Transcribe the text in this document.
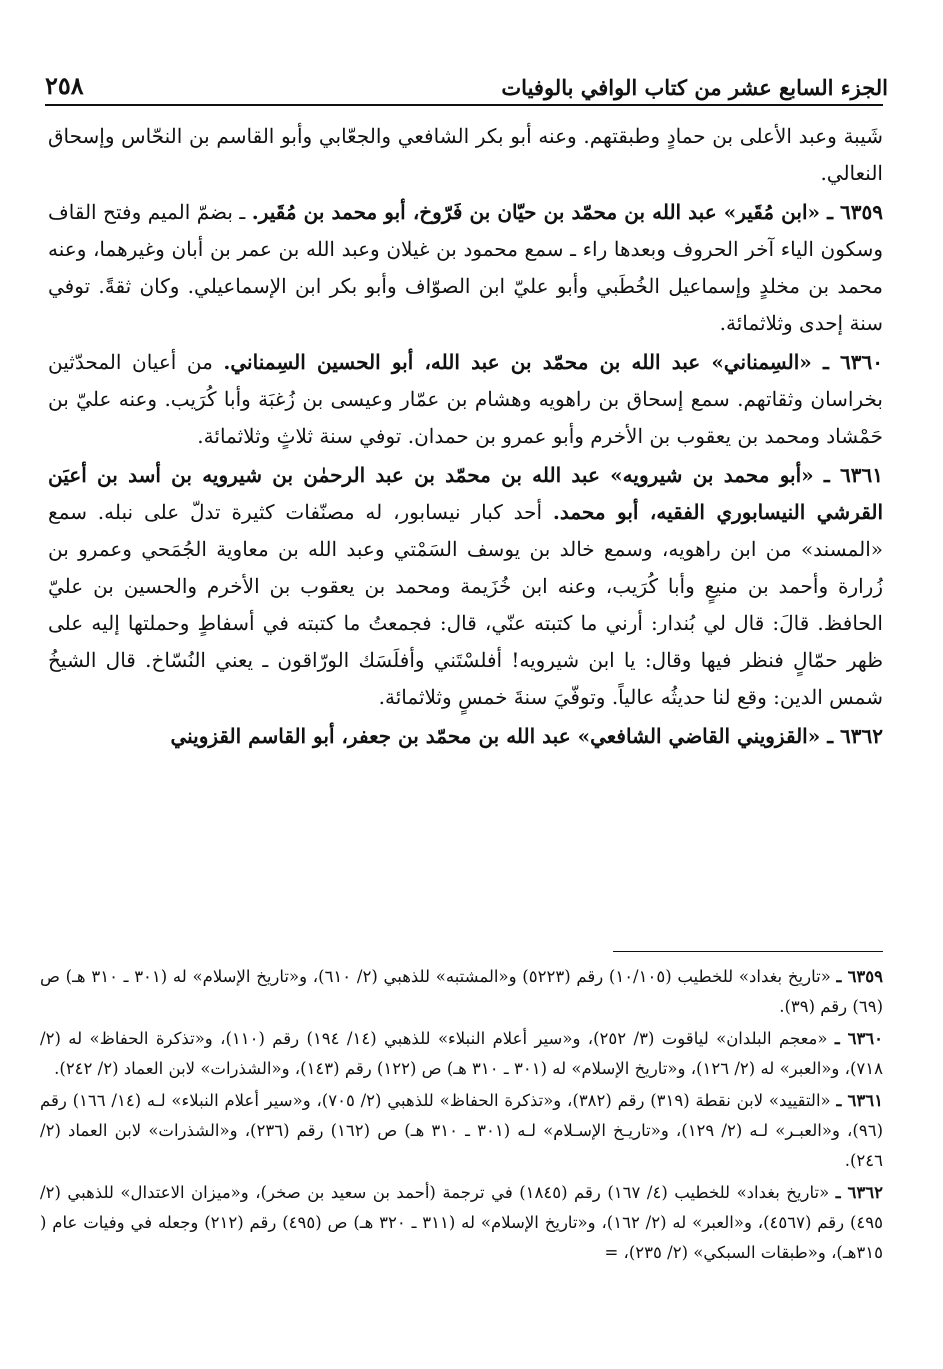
الجزء السابع عشر من كتاب الوافي بالوفيات
٢٥٨

شَيبة وعبد الأعلى بن حمادٍ وطبقتهم. وعنه أبو بكر الشافعي والجعّابي وأبو القاسم بن النحّاس وإسحاق النعالي.

٦٣٥٩ ـ «ابن مُقَير» عبد الله بن محمّد بن حيّان بن فَرّوخ، أبو محمد بن مُقَير. ـ بضمّ الميم وفتح القاف وسكون الياء آخر الحروف وبعدها راء ـ سمع محمود بن غيلان وعبد الله بن عمر بن أبان وغيرهما، وعنه محمد بن مخلدٍ وإسماعيل الخُطَبي وأبو عليّ ابن الصوّاف وأبو بكر ابن الإسماعيلي. وكان ثقةً. توفي سنة إحدى وثلاثمائة.

٦٣٦٠ ـ «السِمناني» عبد الله بن محمّد بن عبد الله، أبو الحسين السِمناني. من أعيان المحدّثين بخراسان وثقاتهم. سمع إسحاق بن راهويه وهشام بن عمّار وعيسى بن زُغبَة وأبا كُرَيب. وعنه عليّ بن حَمْشاد ومحمد بن يعقوب بن الأخرم وأبو عمرو بن حمدان. توفي سنة ثلاثٍ وثلاثمائة.

٦٣٦١ ـ «أبو محمد بن شيرويه» عبد الله بن محمّد بن عبد الرحمٰن بن شيرويه بن أسد بن أعيَن القرشي النيسابوري الفقيه، أبو محمد. أحد كبار نيسابور، له مصنّفات كثيرة تدلّ على نبله. سمع «المسند» من ابن راهويه، وسمع خالد بن يوسف السَمْتي وعبد الله بن معاوية الجُمَحي وعمرو بن زُرارة وأحمد بن منيعٍ وأبا كُرَيب، وعنه ابن خُزَيمة ومحمد بن يعقوب بن الأخرم والحسين بن عليّ الحافظ. قالَ: قال لي بُندار: أرني ما كتبته عنّي، قال: فجمعتُ ما كتبته في أسفاطٍ وحملتها إليه على ظهر حمّالٍ فنظر فيها وقال: يا ابن شيرويه! أفلسْتَني وأفلَسَك الورّاقون ـ يعني النُسّاخ. قال الشيخُ شمس الدين: وقع لنا حديثُه عالياً. وتوفّيَ سنةَ خمسٍ وثلاثمائة.

٦٣٦٢ ـ «القزويني القاضي الشافعي» عبد الله بن محمّد بن جعفر، أبو القاسم القزويني

٦٣٥٩ ـ «تاريخ بغداد» للخطيب (١٠/١٠٥) رقم (٥٢٢٣) و«المشتبه» للذهبي (٢/ ٦١٠)، و«تاريخ الإسلام» له (٣٠١ ـ ٣١٠ هـ) ص (٦٩) رقم (٣٩).

٦٣٦٠ ـ «معجم البلدان» لياقوت (٣/ ٢٥٢)، و«سير أعلام النبلاء» للذهبي (١٤/ ١٩٤) رقم (١١٠)، و«تذكرة الحفاظ» له (٢/ ٧١٨)، و«العبر» له (٢/ ١٢٦)، و«تاريخ الإسلام» له (٣٠١ ـ ٣١٠ هـ) ص (١٢٢) رقم (١٤٣)، و«الشذرات» لابن العماد (٢/ ٢٤٢).

٦٣٦١ ـ «التقييد» لابن نقطة (٣١٩) رقم (٣٨٢)، و«تذكرة الحفاظ» للذهبي (٢/ ٧٠٥)، و«سير أعلام النبلاء» لـه (١٤/ ١٦٦) رقم (٩٦)، و«العبـر» لـه (٢/ ١٢٩)، و«تاريـخ الإسـلام» لـه (٣٠١ ـ ٣١٠ هـ) ص (١٦٢) رقم (٢٣٦)، و«الشذرات» لابن العماد (٢/ ٢٤٦).

٦٣٦٢ ـ «تاريخ بغداد» للخطيب (٤/ ١٦٧) رقم (١٨٤٥) في ترجمة (أحمد بن سعيد بن صخر)، و«ميزان الاعتدال» للذهبي (٢/ ٤٩٥) رقم (٤٥٦٧)، و«العبر» له (٢/ ١٦٢)، و«تاريخ الإسلام» له (٣١١ ـ ٣٢٠ هـ) ص (٤٩٥) رقم (٢١٢) وجعله في وفيات عام ( ٣١٥هـ)، و«طبقات السبكي» (٢/ ٢٣٥)، =
